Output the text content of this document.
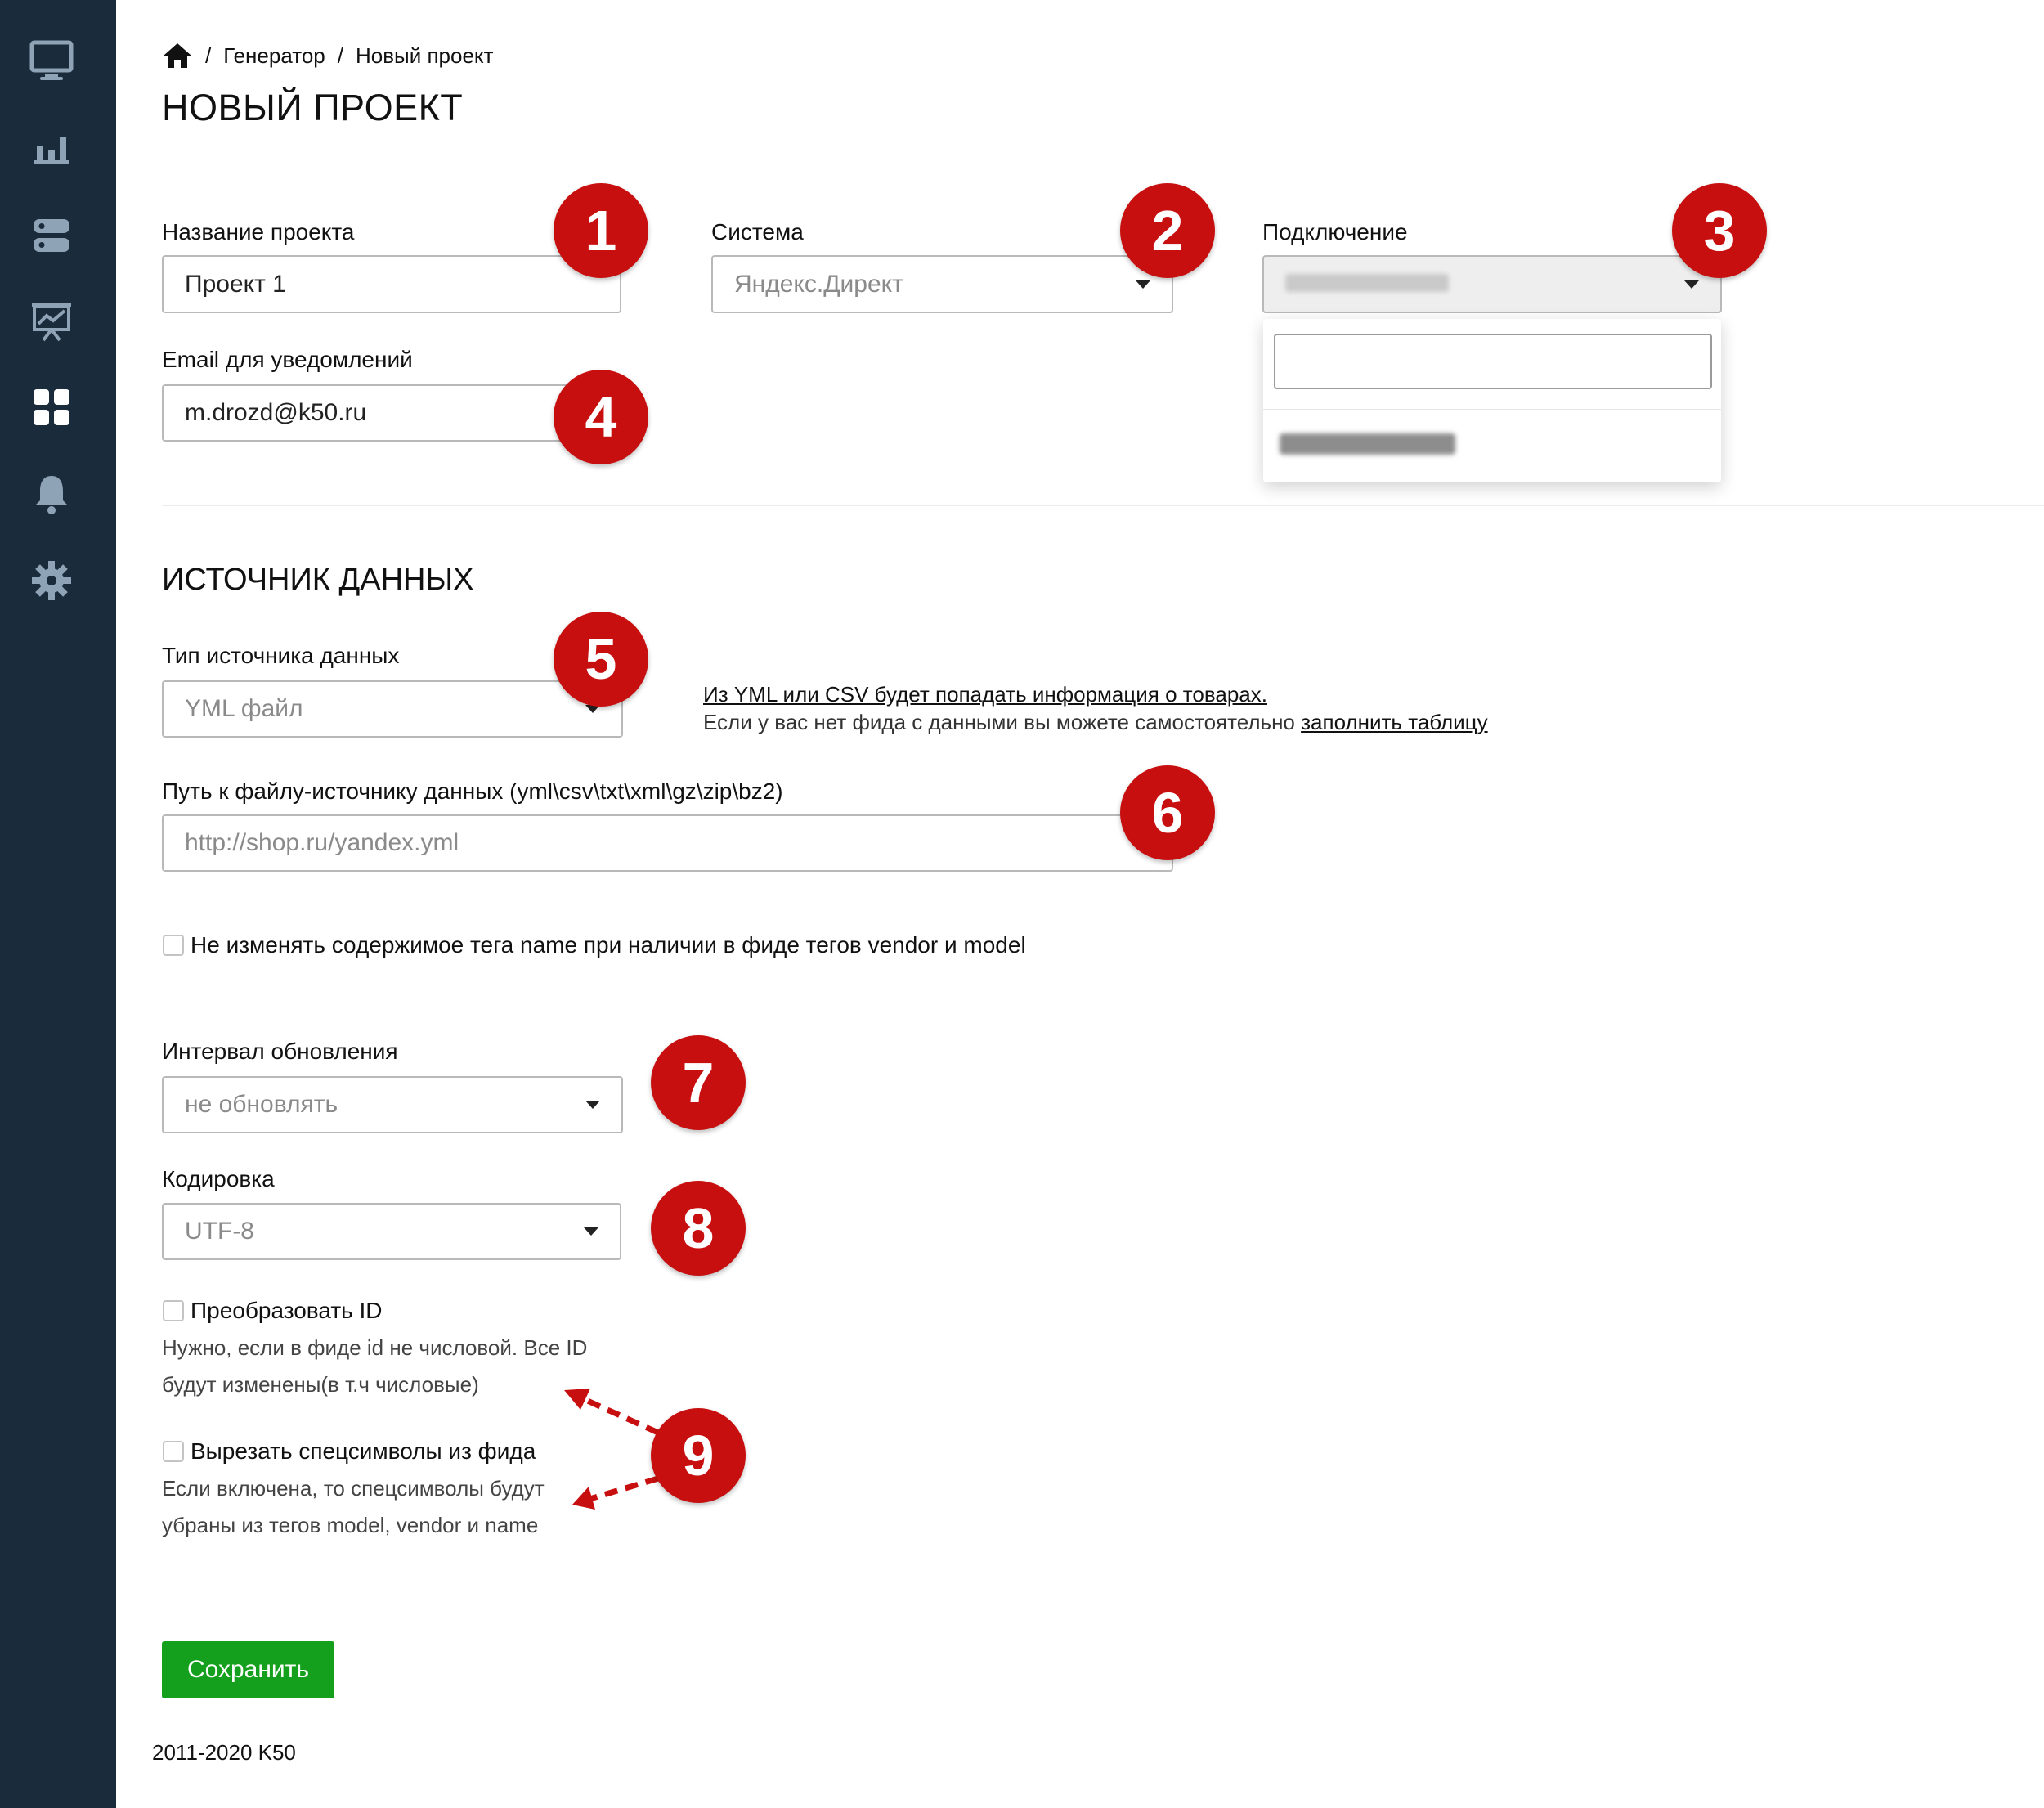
/ Генератор / Новый проект
НОВЫЙ ПРОЕКТ
Название проекта
Проект 1
Система
Яндекс.Директ
Подключение
Email для уведомлений
m.drozd@k50.ru
ИСТОЧНИК ДАННЫХ
Тип источника данных
YML файл
Из YML или CSV будет попадать информация о товарах.
Если у вас нет фида с данными вы можете самостоятельно заполнить таблицу
Путь к файлу-источнику данных (yml\csv\txt\xml\gz\zip\bz2)
http://shop.ru/yandex.yml
Не изменять содержимое тега name при наличии в фиде тегов vendor и model
Интервал обновления
не обновлять
Кодировка
UTF-8
Преобразовать ID
Нужно, если в фиде id не числовой. Все ID
будут изменены(в т.ч числовые)
Вырезать спецсимволы из фида
Если включена, то спецсимволы будут
убраны из тегов model, vendor и name
1	2	3
4
5
6
7
8
9
Сохранить
2011-2020 K50
